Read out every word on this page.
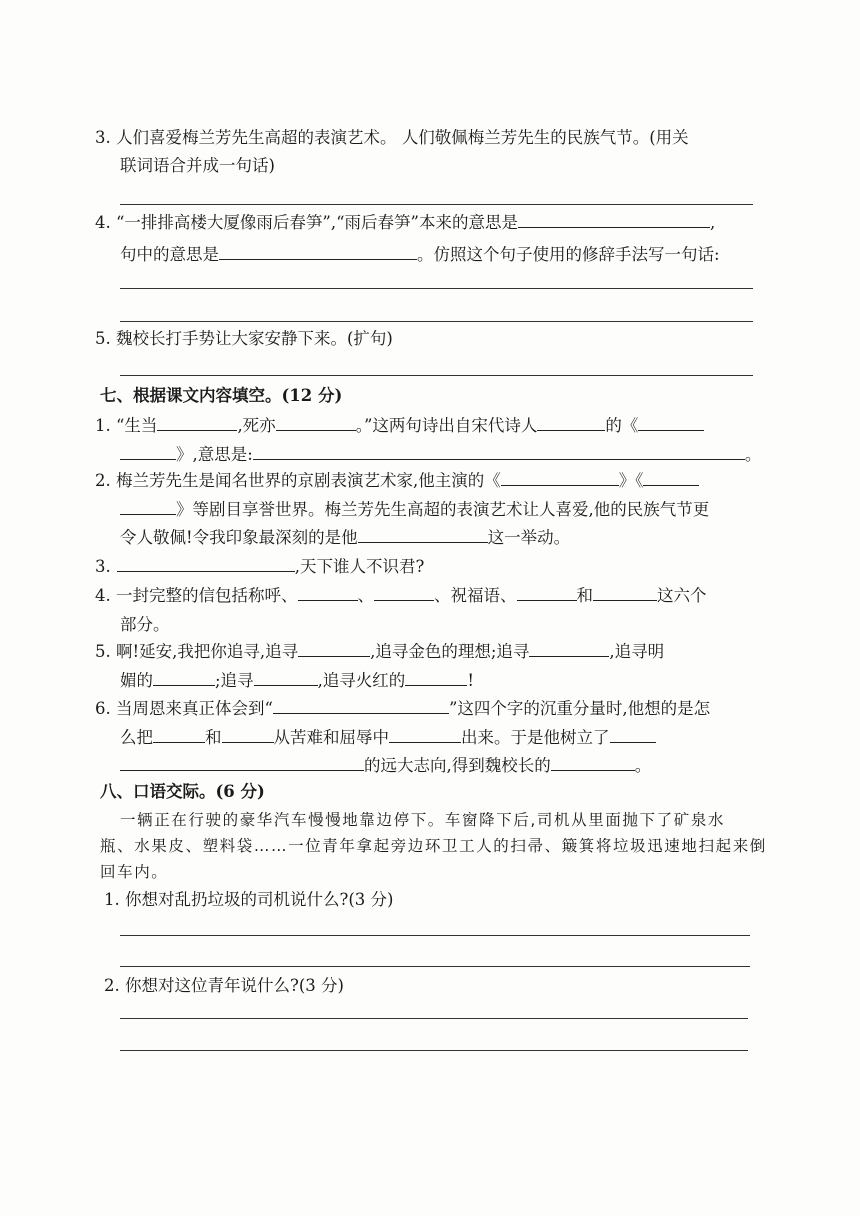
3. 人们喜爱梅兰芳先生高超的表演艺术。 人们敬佩梅兰芳先生的民族气节。(用关
联词语合并成一句话)
4. “一排排高楼大厦像雨后春笋”,“雨后春笋”本来的意思是	,
句中的意思是	。仿照这个句子使用的修辞手法写一句话:
5. 魏校长打手势让大家安静下来。(扩句)
七、根据课文内容填空。(12 分)
1. “生当	,死亦	。”这两句诗出自宋代诗人	的《
》,意思是:	。
2. 梅兰芳先生是闻名世界的京剧表演艺术家,他主演的《	》《
》等剧目享誉世界。梅兰芳先生高超的表演艺术让人喜爱,他的民族气节更
令人敬佩!令我印象最深刻的是他	这一举动。
3.	,天下谁人不识君?
4. 一封完整的信包括称呼、	、	、祝福语、	和	这六个
部分。
5. 啊!延安,我把你追寻,追寻	,追寻金色的理想;追寻	,追寻明
媚的	;追寻	,追寻火红的	!
6. 当周恩来真正体会到“	”这四个字的沉重分量时,他想的是怎
么把	和	从苦难和屈辱中	出来。于是他树立了
的远大志向,得到魏校长的	。
八、口语交际。(6 分)
一辆正在行驶的豪华汽车慢慢地靠边停下。车窗降下后,司机从里面抛下了矿泉水
瓶、水果皮、塑料袋……一位青年拿起旁边环卫工人的扫帚、簸箕将垃圾迅速地扫起来倒
回车内。
1. 你想对乱扔垃圾的司机说什么?(3 分)
2. 你想对这位青年说什么?(3 分)
